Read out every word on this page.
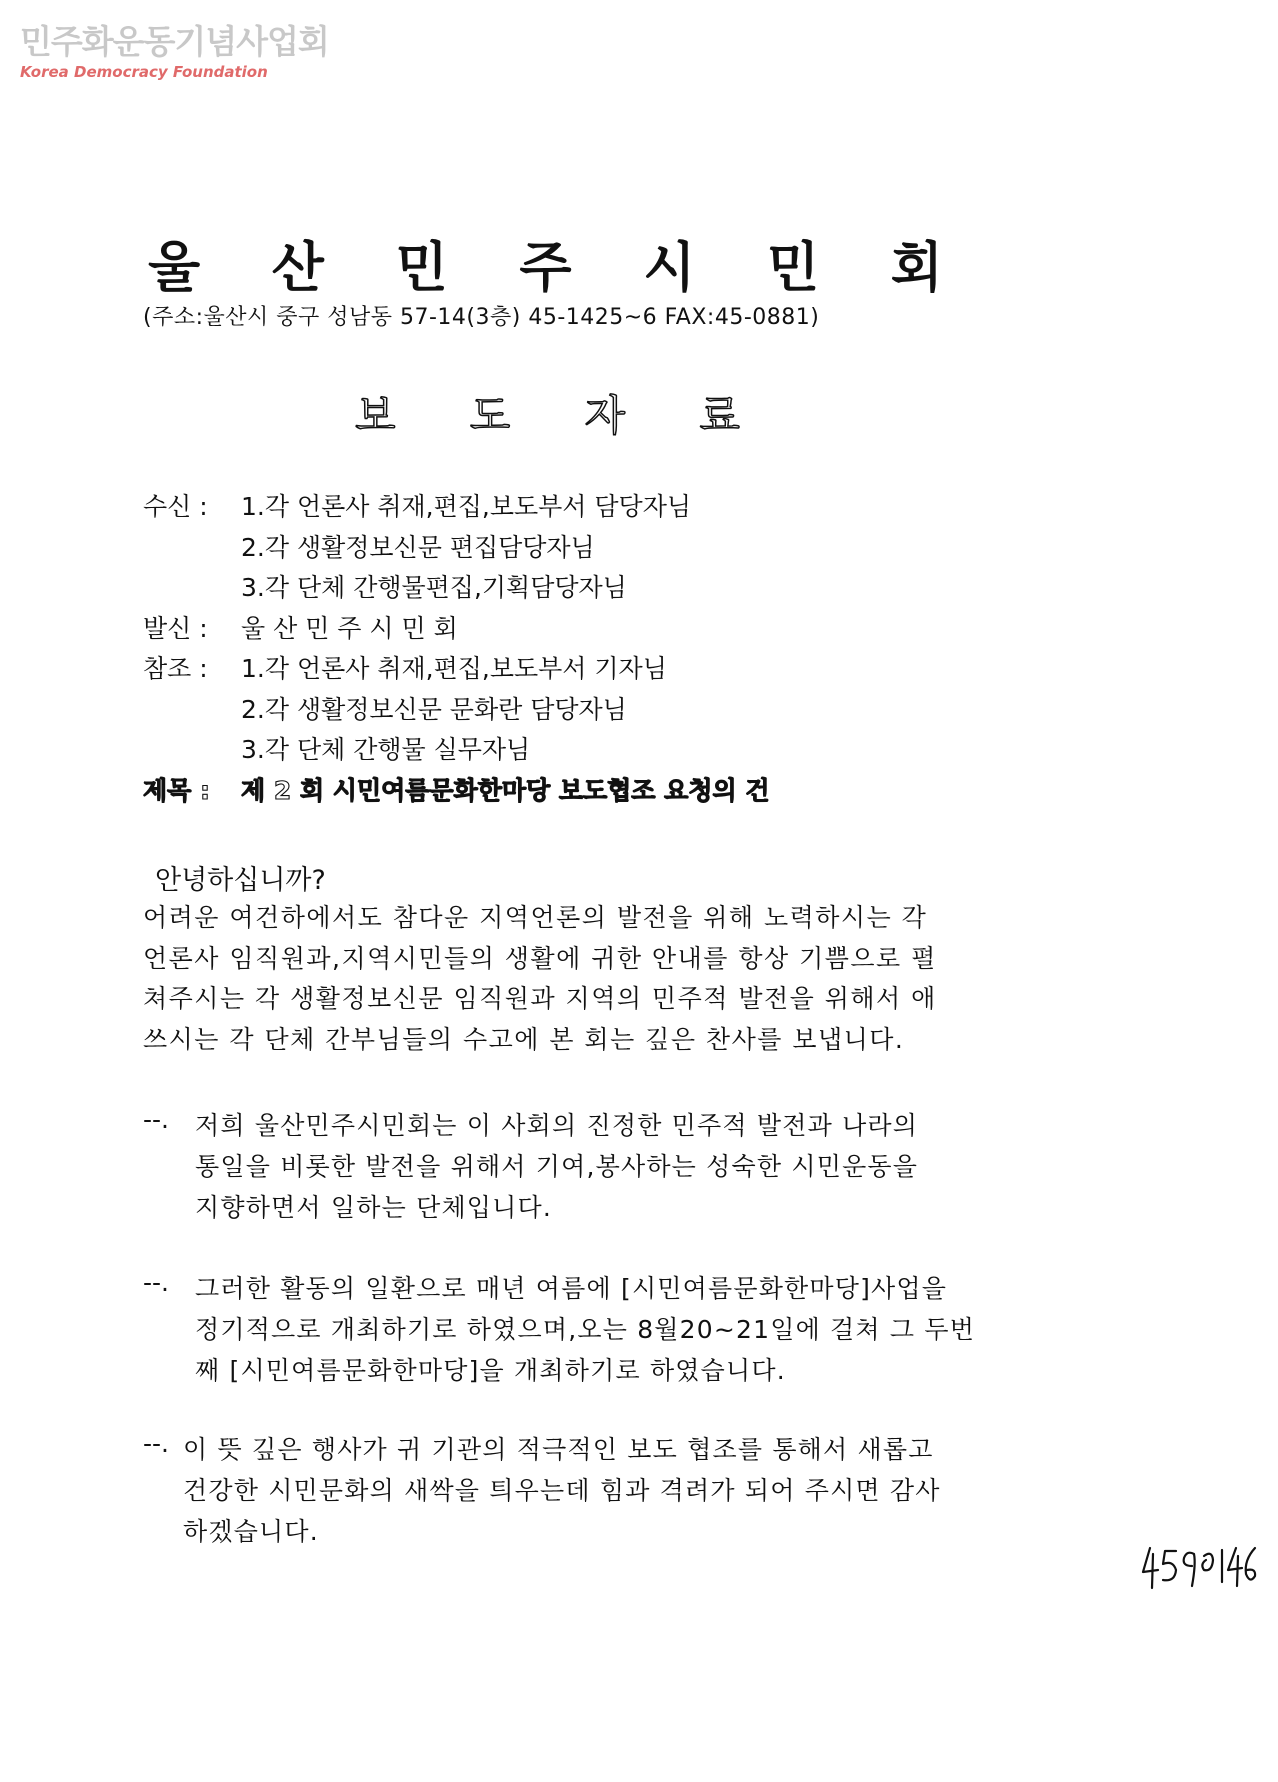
민주화운동기념사업회
Korea Democracy Foundation
울 산 민 주 시 민 회
(주소:울산시 중구 성남동 57-14(3층) 45-1425~6 FAX:45-0881)
보 도 자 료
수신 :	1.각 언론사 취재,편집,보도부서 담당자님
2.각 생활정보신문 편집담당자님
3.각 단체 간행물편집,기획담당자님
발신 :	울 산 민 주 시 민 회
참조 :	1.각 언론사 취재,편집,보도부서 기자님
2.각 생활정보신문 문화란 담당자님
3.각 단체 간행물 실무자님
제목 :	제 2 회 시민여름문화한마당 보도협조 요청의 건
안녕하십니까?
어려운 여건하에서도 참다운 지역언론의 발전을 위해 노력하시는 각
언론사 임직원과,지역시민들의 생활에 귀한 안내를 항상 기쁨으로 펼
쳐주시는 각 생활정보신문 임직원과 지역의 민주적 발전을 위해서 애
쓰시는 각 단체 간부님들의 수고에 본 회는 깊은 찬사를 보냅니다.
--.	저희 울산민주시민회는 이 사회의 진정한 민주적 발전과 나라의
통일을 비롯한 발전을 위해서 기여,봉사하는 성숙한 시민운동을
지향하면서 일하는 단체입니다.
--.	그러한 활동의 일환으로 매년 여름에 [시민여름문화한마당]사업을
정기적으로 개최하기로 하였으며,오는 8월20~21일에 걸쳐 그 두번
째 [시민여름문화한마당]을 개최하기로 하였습니다.
--. 이 뜻 깊은 행사가 귀 기관의 적극적인 보도 협조를 통해서 새롭고
건강한 시민문화의 새싹을 틔우는데 힘과 격려가 되어 주시면 감사
하겠습니다.
